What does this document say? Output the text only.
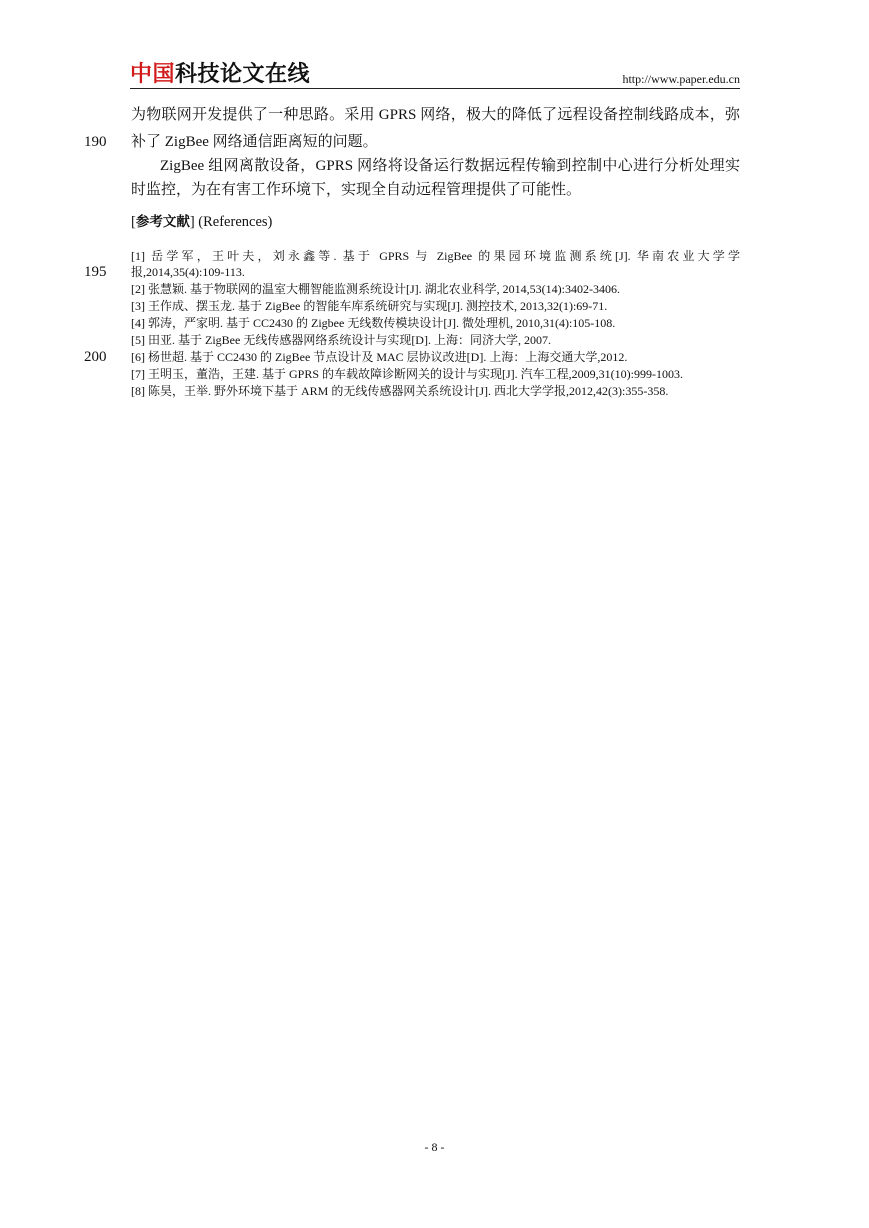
中国科技论文在线	http://www.paper.edu.cn
为物联网开发提供了一种思路。采用 GPRS 网络，极大的降低了远程设备控制线路成本，弥
190 补了 ZigBee 网络通信距离短的问题。
ZigBee 组网离散设备，GPRS 网络将设备运行数据远程传输到控制中心进行分析处理实
时监控，为在有害工作环境下，实现全自动远程管理提供了可能性。
[参考文献] (References)
[1] 岳学军，王叶夫，刘永鑫等. 基于 GPRS 与 ZigBee 的果园环境监测系统[J]. 华南农业大学学
195 报,2014,35(4):109-113.
[2] 张慧颖. 基于物联网的温室大棚智能监测系统设计[J]. 湖北农业科学, 2014,53(14):3402-3406.
[3] 王作成、摆玉龙. 基于 ZigBee 的智能车库系统研究与实现[J]. 测控技术, 2013,32(1):69-71.
[4] 郭涛，严家明. 基于 CC2430 的 Zigbee 无线数传模块设计[J]. 微处理机, 2010,31(4):105-108.
[5] 田亚. 基于 ZigBee 无线传感器网络系统设计与实现[D]. 上海：同济大学, 2007.
200 [6] 杨世超. 基于 CC2430 的 ZigBee 节点设计及 MAC 层协议改进[D]. 上海：上海交通大学,2012.
[7] 王明玉，董浩，王建. 基于 GPRS 的车载故障诊断网关的设计与实现[J]. 汽车工程,2009,31(10):999-1003.
[8] 陈昊，王举. 野外环境下基于 ARM 的无线传感器网关系统设计[J]. 西北大学学报,2012,42(3):355-358.
- 8 -
